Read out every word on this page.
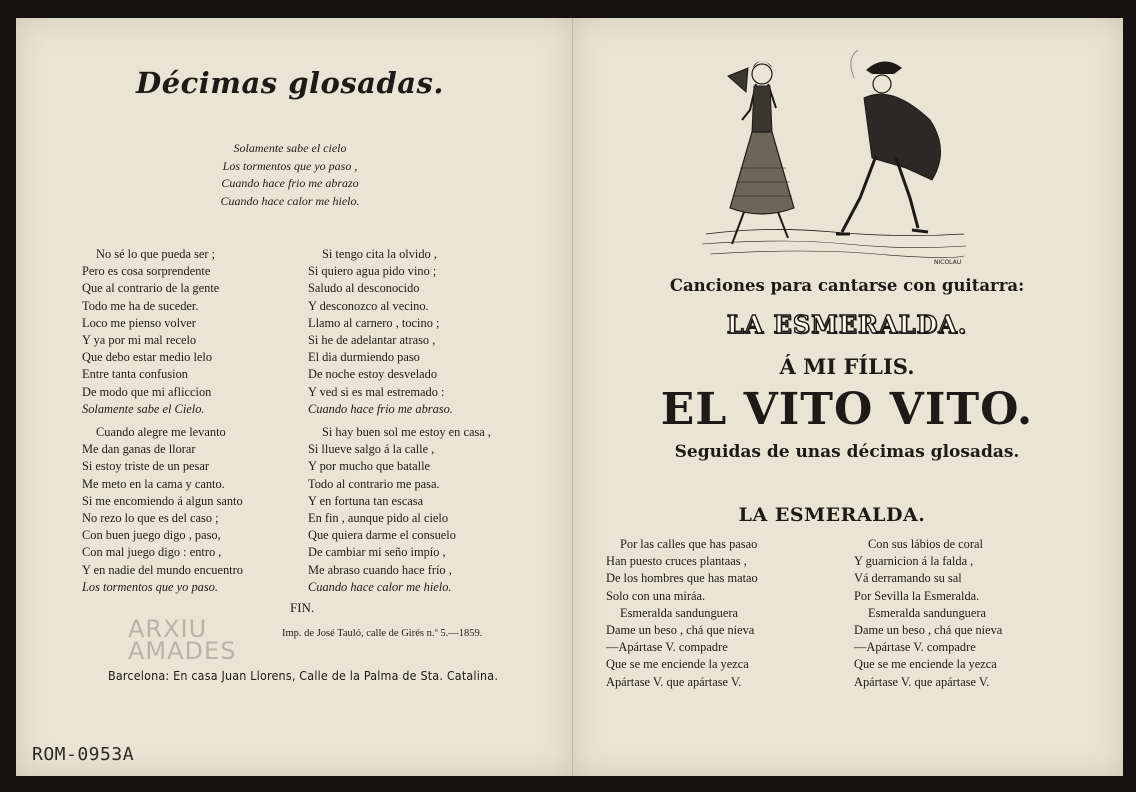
Décimas glosadas.
Solamente sabe el cielo
Los tormentos que yo paso ,
Cuando hace frio me abrazo
Cuando hace calor me hielo.
No sé lo que pueda ser ;
Pero es cosa sorprendente
Que al contrario de la gente
Todo me ha de suceder.
Loco me pienso volver
Y ya por mi mal recelo
Que debo estar medio lelo
Entre tanta confusion
De modo que mi afliccion
Solamente sabe el Cielo.
Si tengo cita la olvido ,
Si quiero agua pido vino ;
Saludo al desconocido
Y desconozco al vecino.
Llamo al carnero , tocino ;
Si he de adelantar atraso ,
El dia durmiendo paso
De noche estoy desvelado
Y ved si es mal estremado :
Cuando hace frio me abraso.
Cuando alegre me levanto
Me dan ganas de llorar
Si estoy triste de un pesar
Me meto en la cama y canto.
Si me encomiendo á algun santo
No rezo lo que es del caso ;
Con buen juego digo , paso,
Con mal juego digo : entro ,
Y en nadie del mundo encuentro
Los tormentos que yo paso.
Si hay buen sol me estoy en casa ,
Si llueve salgo á la calle ,
Y por mucho que batalle
Todo al contrario me pasa.
Y en fortuna tan escasa
En fin , aunque pido al cielo
Que quiera darme el consuelo
De cambiar mi seño impío ,
Me abraso cuando hace frío ,
Cuando hace calor me hielo.
FIN.
Imp. de José Tauló, calle de Girés n.º 5.—1859.
ARXIU
AMADES
Barcelona: En casa Juan Llorens, Calle de la Palma de Sta. Catalina.
ROM-0953A
NICOLAU
Canciones para cantarse con guitarra:
LA ESMERALDA.
Á MI FÍLIS.
EL VITO VITO.
Seguidas de unas décimas glosadas.
LA ESMERALDA.
Por las calles que has pasao
Han puesto cruces plantaas ,
De los hombres que has matao
Solo con una miráa.
Esmeralda sandunguera
Dame un beso , chá que nieva
—Apártase V. compadre
Que se me enciende la yezca
Apártase V. que apártase V.
Con sus lábios de coral
Y guarnicion á la falda ,
Vá derramando su sal
Por Sevilla la Esmeralda.
Esmeralda sandunguera
Dame un beso , chá que nieva
—Apártase V. compadre
Que se me enciende la yezca
Apártase V. que apártase V.
